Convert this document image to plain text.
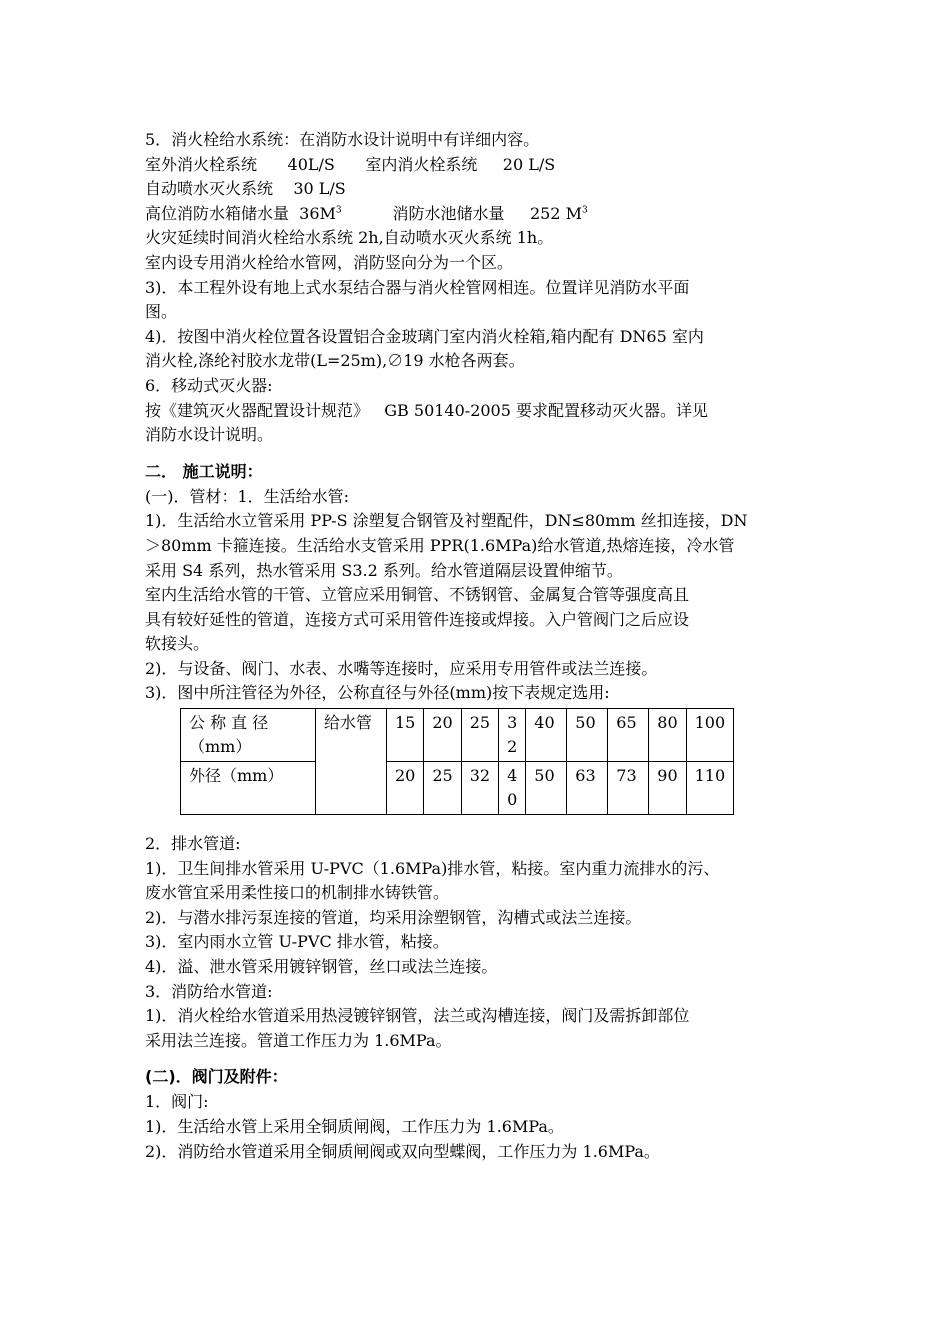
5．消火栓给水系统：在消防水设计说明中有详细内容。

室外消火栓系统      40L/S      室内消火栓系统     20 L/S

自动喷水灭火系统    30 L/S

高位消防水箱储水量  $36M^3$          消防水池储水量     252 $M^3$

火灾延续时间消火栓给水系统 2h,自动喷水灭火系统 1h。

室内设专用消火栓给水管网，消防竖向分为一个区。

3)．本工程外设有地上式水泵结合器与消火栓管网相连。位置详见消防水平面

图。

4)．按图中消火栓位置各设置铝合金玻璃门室内消火栓箱,箱内配有 DN65 室内

消火栓,涤纶衬胶水龙带(L=25m),∅19 水枪各两套。

6．移动式灭火器:

按《建筑灭火器配置设计规范》   GB 50140-2005 要求配置移动灭火器。详见

消防水设计说明。

二． 施工说明：

(一)．管材：1．生活给水管:

1)．生活给水立管采用 PP-S 涂塑复合钢管及衬塑配件，DN≤80mm 丝扣连接，DN

＞80mm 卡箍连接。生活给水支管采用 PPR(1.6MPa)给水管道,热熔连接，冷水管

采用 S4 系列，热水管采用 S3.2 系列。给水管道隔层设置伸缩节。

室内生活给水管的干管、立管应采用铜管、不锈钢管、金属复合管等强度高且

具有较好延性的管道，连接方式可采用管件连接或焊接。入户管阀门之后应设

软接头。

2)．与设备、阀门、水表、水嘴等连接时，应采用专用管件或法兰连接。

3)．图中所注管径为外径，公称直径与外径(mm)按下表规定选用:

公 称 直 径（mm）	给水管	15	20	25	32	40	50	65	80	100
外径（mm）		20	25	32	40	50	63	73	90	110

2．排水管道:

1)．卫生间排水管采用 U-PVC（1.6MPa)排水管，粘接。室内重力流排水的污、

废水管宜采用柔性接口的机制排水铸铁管。

2)．与潜水排污泵连接的管道，均采用涂塑钢管，沟槽式或法兰连接。

3)．室内雨水立管 U-PVC 排水管，粘接。

4)．溢、泄水管采用镀锌钢管，丝口或法兰连接。

3．消防给水管道:

1)．消火栓给水管道采用热浸镀锌钢管，法兰或沟槽连接，阀门及需拆卸部位

采用法兰连接。管道工作压力为 1.6MPa。

(二)．阀门及附件：

1．阀门:

1)．生活给水管上采用全铜质闸阀，工作压力为 1.6MPa。

2)．消防给水管道采用全铜质闸阀或双向型蝶阀，工作压力为 1.6MPa。
